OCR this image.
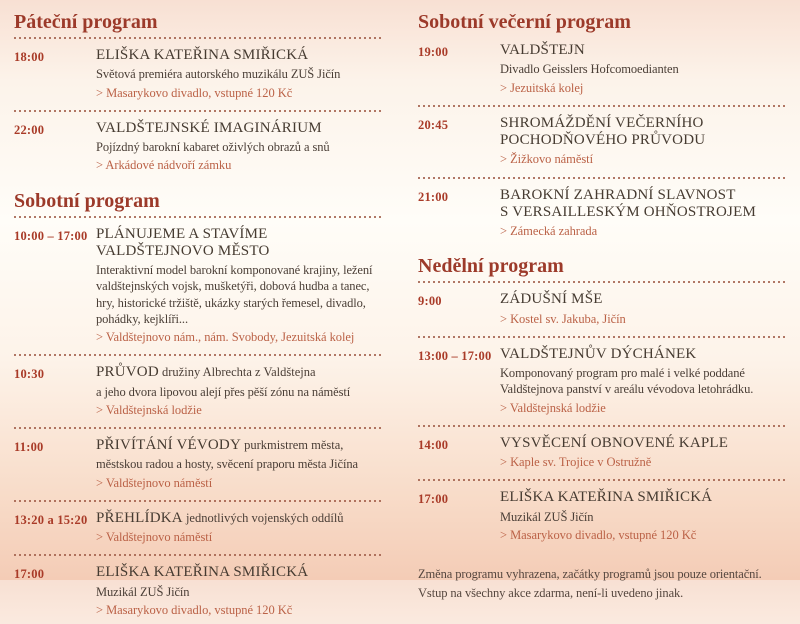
Páteční program
18:00	ELIŠKA KATEŘINA SMIŘICKÁ
Světová premiéra autorského muzikálu ZUŠ Jičín
> Masarykovo divadlo, vstupné 120 Kč
22:00	VALDŠTEJNSKÉ IMAGINÁRIUM
Pojízdný barokní kabaret oživlých obrazů a snů
> Arkádové nádvoří zámku
Sobotní program
10:00 – 17:00 PLÁNUJEME A STAVÍME
VALDŠTEJNOVO MĚSTO
Interaktivní model barokní komponované krajiny, ležení valdštejnských vojsk, mušketýři, dobová hudba a tanec, hry, historické tržiště, ukázky starých řemesel, divadlo, pohádky, kejklíři...
> Valdštejnovo nám., nám. Svobody, Jezuitská kolej
10:30	PRŮVOD družiny Albrechta z Valdštejna
a jeho dvora lipovou alejí přes pěší zónu na náměstí
> Valdštejnská lodžie
11:00	PŘIVÍTÁNÍ VÉVODY purkmistrem města,
městskou radou a hosty, svěcení praporu města Jičína
> Valdštejnovo náměstí
13:20 a 15:20 PŘEHLÍDKA jednotlivých vojenských oddílů
> Valdštejnovo náměstí
17:00	ELIŠKA KATEŘINA SMIŘICKÁ
Muzikál ZUŠ Jičín
> Masarykovo divadlo, vstupné 120 Kč
Sobotní večerní program
19:00	VALDŠTEJN
Divadlo Geisslers Hofcomoedianten
> Jezuitská kolej
20:45	SHROMÁŽDĚNÍ VEČERNÍHO
POCHODŇOVÉHO PRŮVODU
> Žižkovo náměstí
21:00	BAROKNÍ ZAHRADNÍ SLAVNOST
S VERSAILLESKÝM OHŇOSTROJEM
> Zámecká zahrada
Nedělní program
9:00	ZÁDUŠNÍ MŠE
> Kostel sv. Jakuba, Jičín
13:00 – 17:00 VALDŠTEJNŮV DÝCHÁNEK
Komponovaný program pro malé i velké poddané Valdštejnova panství v areálu vévodova letohrádku.
> Valdštejnská lodžie
14:00	VYSVĚCENÍ OBNOVENÉ KAPLE
> Kaple sv. Trojice v Ostružně
17:00	ELIŠKA KATEŘINA SMIŘICKÁ
Muzikál ZUŠ Jičín
> Masarykovo divadlo, vstupné 120 Kč
Změna programu vyhrazena, začátky programů jsou pouze orientační.
Vstup na všechny akce zdarma, není-li uvedeno jinak.
